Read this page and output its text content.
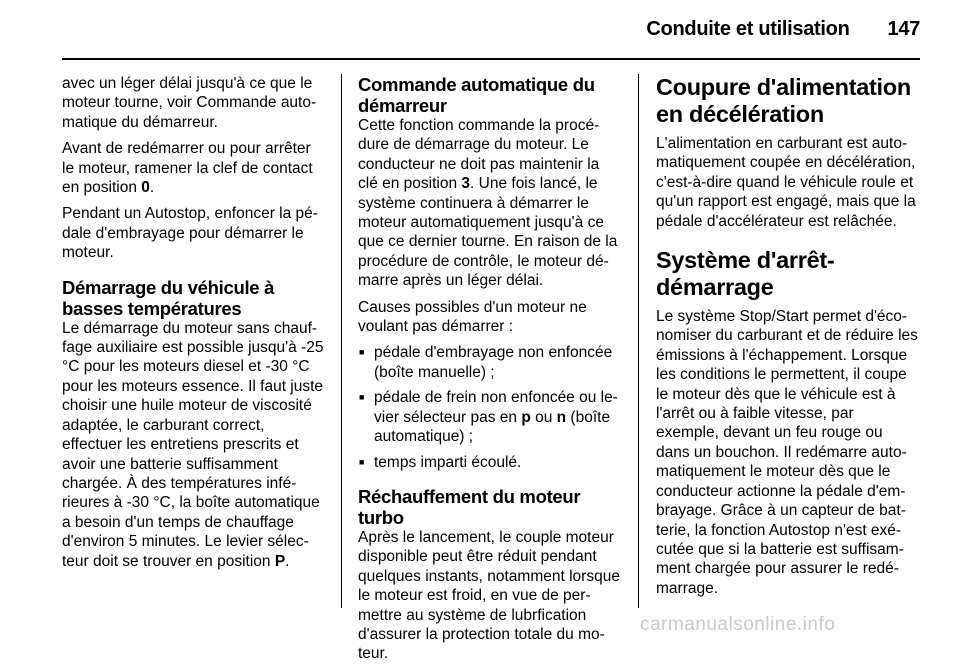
Conduite et utilisation 147

avec un léger délai jusqu'à ce que le moteur tourne, voir Commande automatique du démarreur.

Avant de redémarrer ou pour arrêter le moteur, ramener la clef de contact en position 0.

Pendant un Autostop, enfoncer la pédale d'embrayage pour démarrer le moteur.

Démarrage du véhicule à basses températures

Le démarrage du moteur sans chauffage auxiliaire est possible jusqu'à -25 °C pour les moteurs diesel et -30 °C pour les moteurs essence. Il faut juste choisir une huile moteur de viscosité adaptée, le carburant correct, effectuer les entretiens prescrits et avoir une batterie suffisamment chargée. À des températures inférieures à -30 °C, la boîte automatique a besoin d'un temps de chauffage d'environ 5 minutes. Le levier sélecteur doit se trouver en position P.

Commande automatique du démarreur

Cette fonction commande la procédure de démarrage du moteur. Le conducteur ne doit pas maintenir la clé en position 3. Une fois lancé, le système continuera à démarrer le moteur automatiquement jusqu'à ce que ce dernier tourne. En raison de la procédure de contrôle, le moteur démarre après un léger délai.

Causes possibles d'un moteur ne voulant pas démarrer :

■ pédale d'embrayage non enfoncée (boîte manuelle) ;
■ pédale de frein non enfoncée ou levier sélecteur pas en p ou n (boîte automatique) ;
■ temps imparti écoulé.
Réchauffement du moteur turbo

Après le lancement, le couple moteur disponible peut être réduit pendant quelques instants, notamment lorsque le moteur est froid, en vue de permettre au système de lubrfication d'assurer la protection totale du moteur.

Coupure d'alimentation en décélération

L'alimentation en carburant est automatiquement coupée en décélération, c'est-à-dire quand le véhicule roule et qu'un rapport est engagé, mais que la pédale d'accélérateur est relâchée.

Système d'arrêt-démarrage

Le système Stop/Start permet d'économiser du carburant et de réduire les émissions à l'échappement. Lorsque les conditions le permettent, il coupe le moteur dès que le véhicule est à l'arrêt ou à faible vitesse, par exemple, devant un feu rouge ou dans un bouchon. Il redémarre automatiquement le moteur dès que le conducteur actionne la pédale d'embrayage. Grâce à un capteur de batterie, la fonction Autostop n'est exécutée que si la batterie est suffisamment chargée pour assurer le redémarrage.

carmanualsonline.info
